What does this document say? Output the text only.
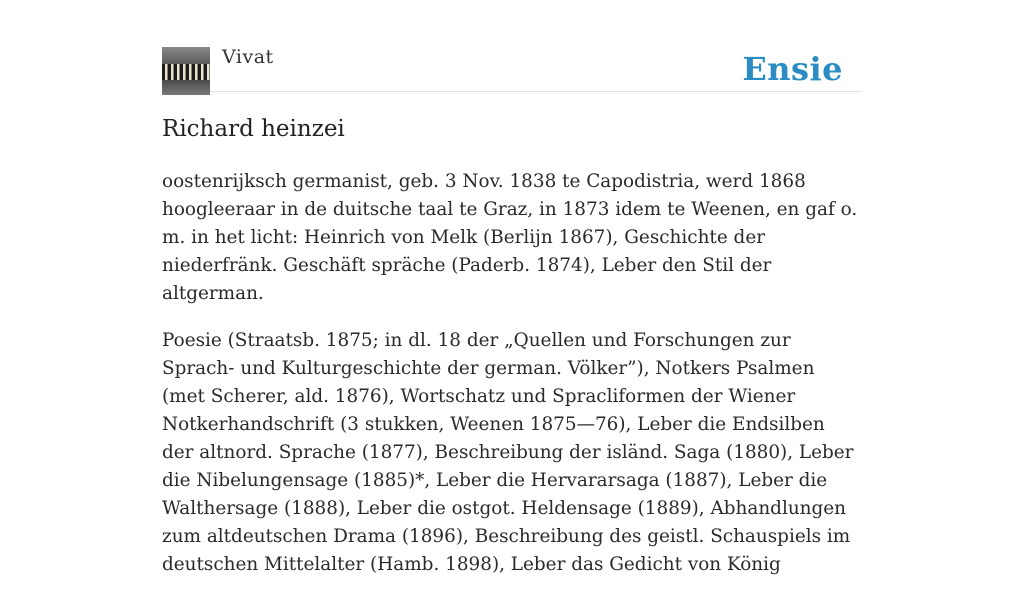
Vivat	Ensie
Richard heinzei

oostenrijksch germanist, geb. 3 Nov. 1838 te Capodistria, werd 1868 hoogleeraar in de duitsche taal te Graz, in 1873 idem te Weenen, en gaf o. m. in het licht: Heinrich von Melk (Berlijn 1867), Geschichte der niederfränk. Geschäft spräche (Paderb. 1874), Leber den Stil der altgerman.

Poesie (Straatsb. 1875; in dl. 18 der „Quellen und Forschungen zur Sprach- und Kulturgeschichte der german. Völker”), Notkers Psalmen (met Scherer, ald. 1876), Wortschatz und Spracliformen der Wiener Notkerhandschrift (3 stukken, Weenen 1875—76), Leber die Endsilben der altnord. Sprache (1877), Beschreibung der isländ. Saga (1880), Leber die Nibelungensage (1885)*, Leber die Hervararsaga (1887), Leber die Walthersage (1888), Leber die ostgot. Heldensage (1889), Abhandlungen zum altdeutschen Drama (1896), Beschreibung des geistl. Schauspiels im deutschen Mittelalter (Hamb. 1898), Leber das Gedicht von König
